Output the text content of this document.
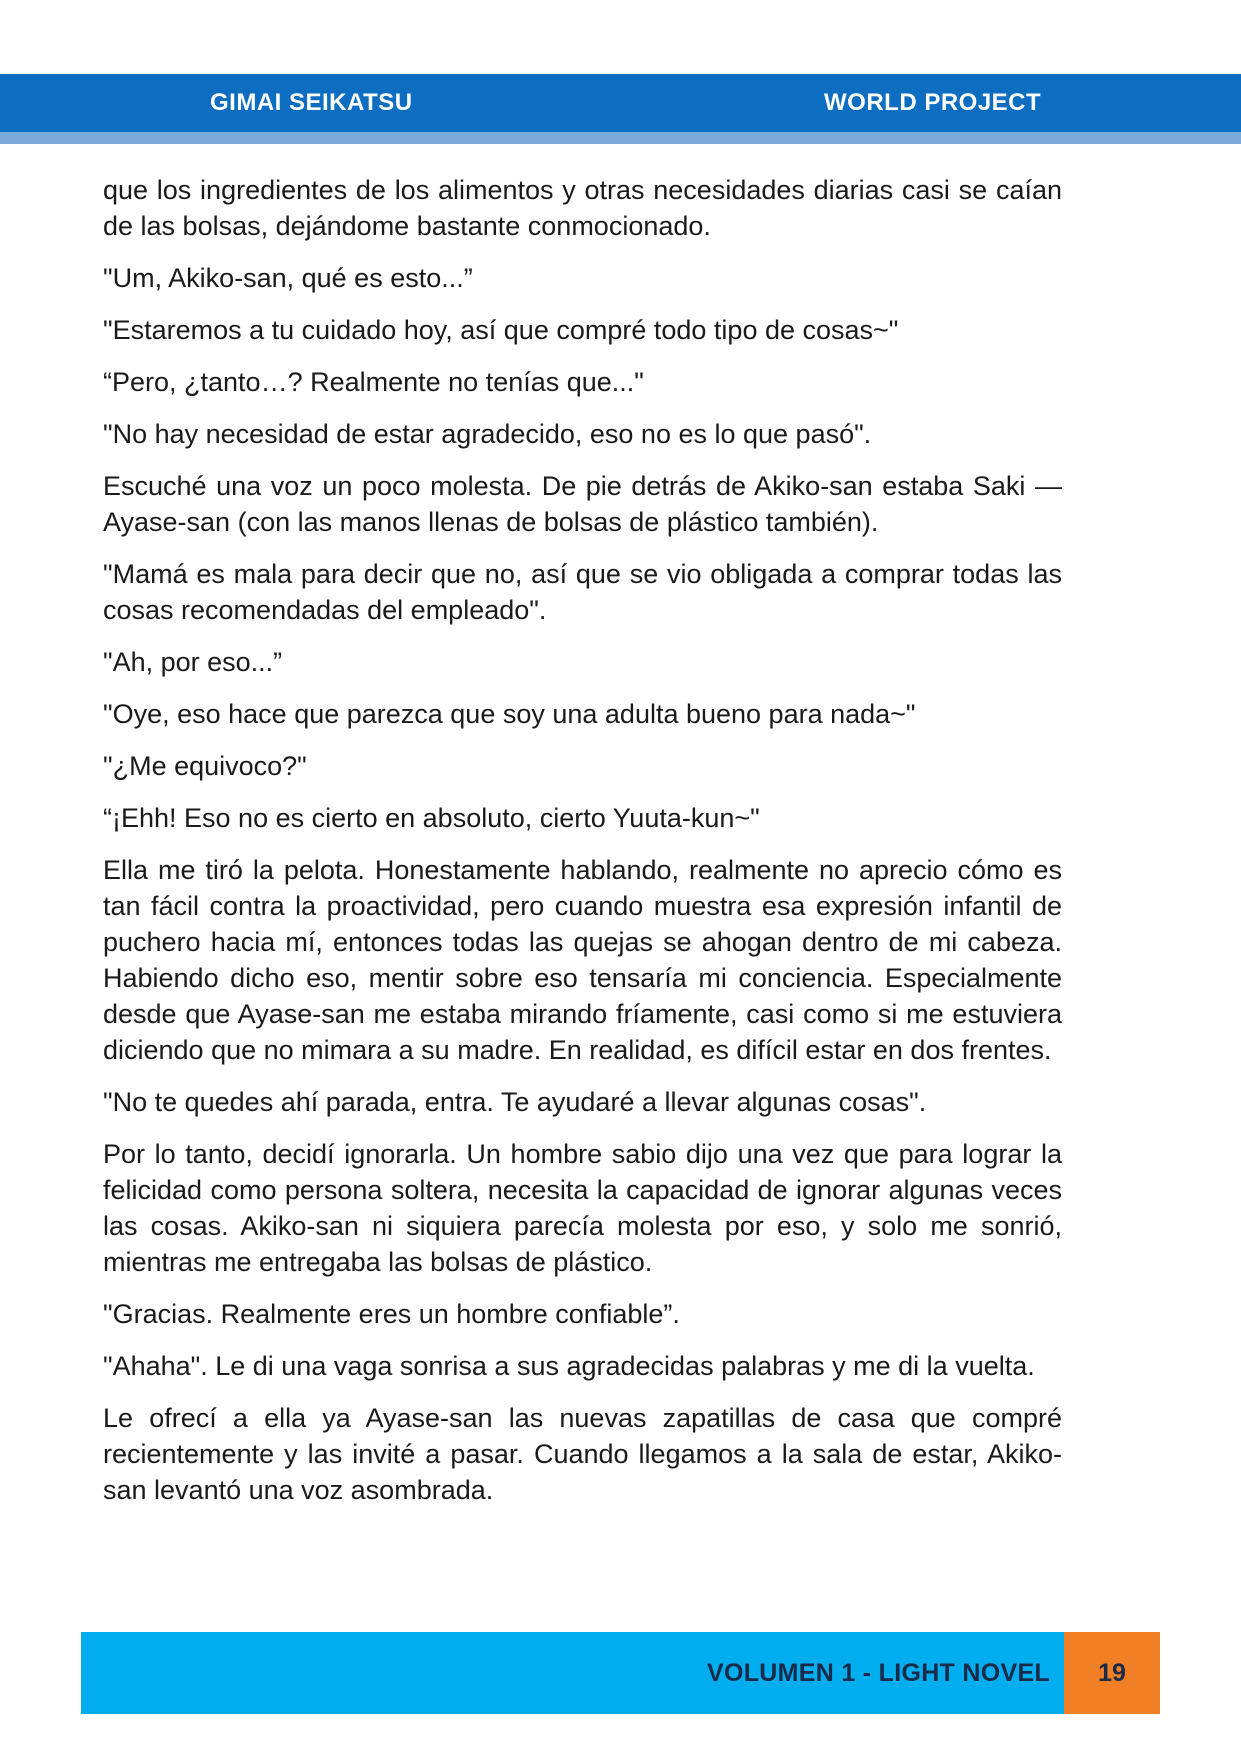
GIMAI SEIKATSU	WORLD PROJECT

que los ingredientes de los alimentos y otras necesidades diarias casi se caían de las bolsas, dejándome bastante conmocionado.

"Um, Akiko-san, qué es esto...”

"Estaremos a tu cuidado hoy, así que compré todo tipo de cosas~"

“Pero, ¿tanto…? Realmente no tenías que..."

"No hay necesidad de estar agradecido, eso no es lo que pasó".

Escuché una voz un poco molesta. De pie detrás de Akiko-san estaba Saki — Ayase-san (con las manos llenas de bolsas de plástico también).

"Mamá es mala para decir que no, así que se vio obligada a comprar todas las cosas recomendadas del empleado".

"Ah, por eso...”

"Oye, eso hace que parezca que soy una adulta bueno para nada~"

"¿Me equivoco?"

“¡Ehh! Eso no es cierto en absoluto, cierto Yuuta-kun~"

Ella me tiró la pelota. Honestamente hablando, realmente no aprecio cómo es tan fácil contra la proactividad, pero cuando muestra esa expresión infantil de puchero hacia mí, entonces todas las quejas se ahogan dentro de mi cabeza. Habiendo dicho eso, mentir sobre eso tensaría mi conciencia. Especialmente desde que Ayase-san me estaba mirando fríamente, casi como si me estuviera diciendo que no mimara a su madre. En realidad, es difícil estar en dos frentes.

"No te quedes ahí parada, entra. Te ayudaré a llevar algunas cosas".

Por lo tanto, decidí ignorarla. Un hombre sabio dijo una vez que para lograr la felicidad como persona soltera, necesita la capacidad de ignorar algunas veces las cosas. Akiko-san ni siquiera parecía molesta por eso, y solo me sonrió, mientras me entregaba las bolsas de plástico.

"Gracias. Realmente eres un hombre confiable”.

"Ahaha". Le di una vaga sonrisa a sus agradecidas palabras y me di la vuelta.

Le ofrecí a ella ya Ayase-san las nuevas zapatillas de casa que compré recientemente y las invité a pasar. Cuando llegamos a la sala de estar, Akiko-san levantó una voz asombrada.

VOLUMEN 1 - LIGHT NOVEL	19
